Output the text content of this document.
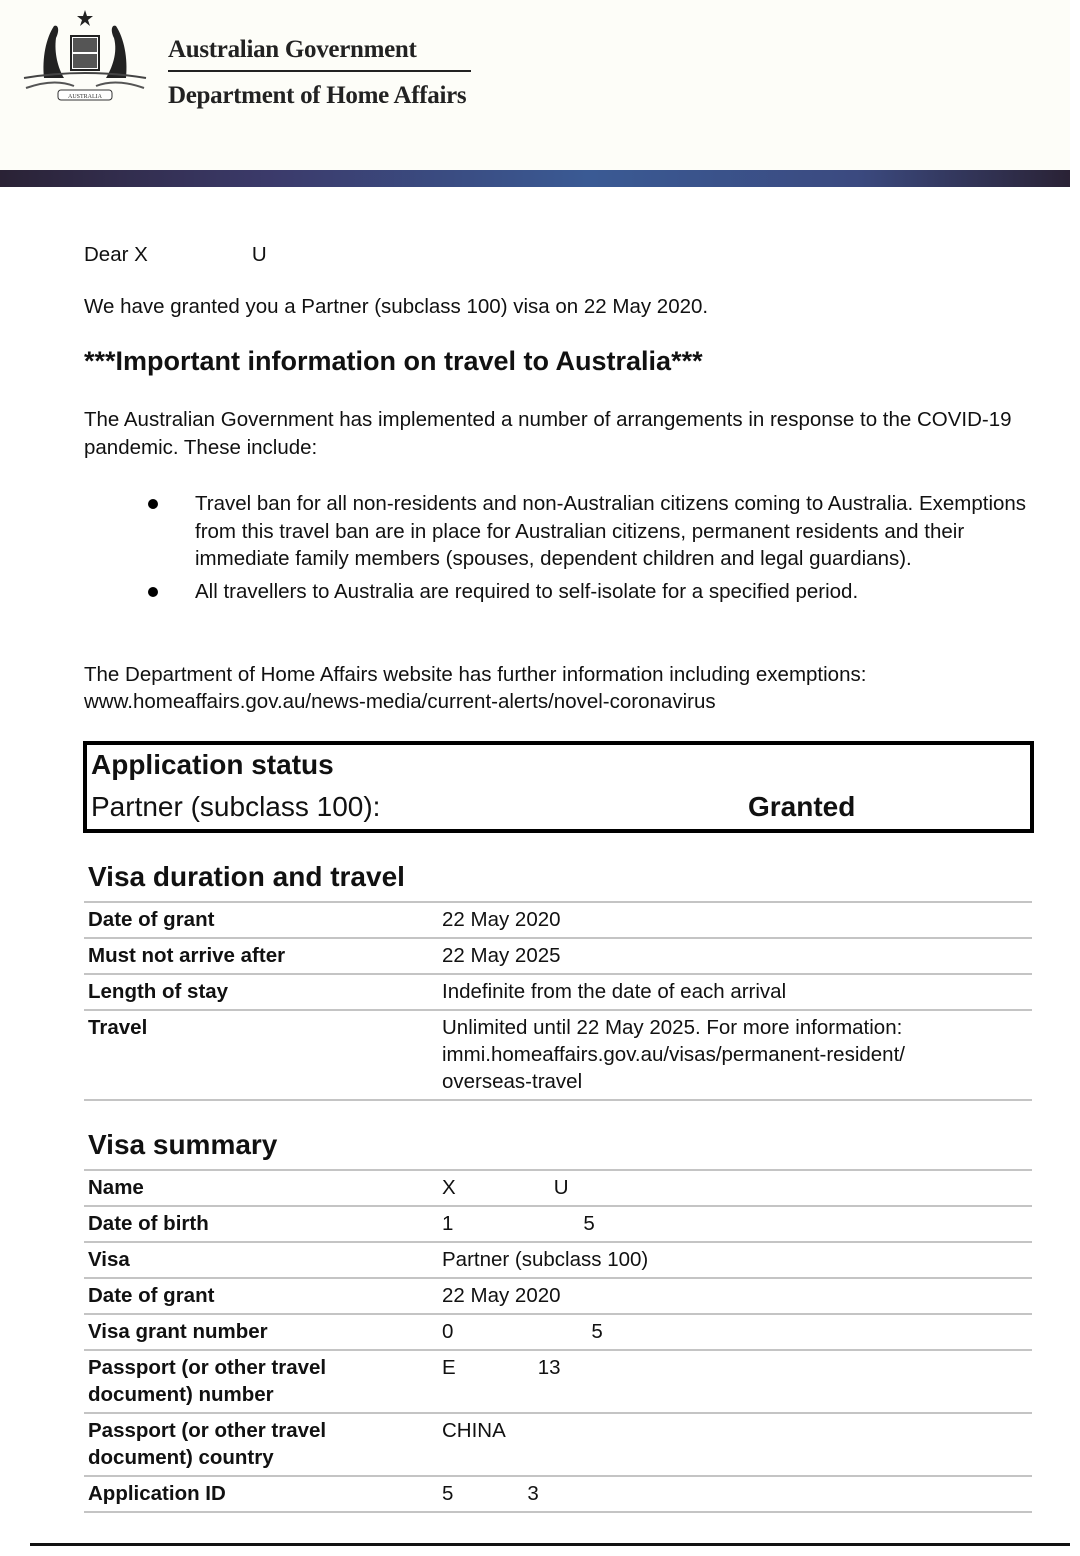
AUSTRALIA
Australian Government
Department of Home Affairs
Dear X	U
We have granted you a Partner (subclass 100) visa on 22 May 2020.
***Important information on travel to Australia***
The Australian Government has implemented a number of arrangements in response to the COVID-19 pandemic. These include:
Travel ban for all non-residents and non-Australian citizens coming to Australia. Exemptions from this travel ban are in place for Australian citizens, permanent residents and their immediate family members (spouses, dependent children and legal guardians).
All travellers to Australia are required to self-isolate for a specified period.
The Department of Home Affairs website has further information including exemptions:
www.homeaffairs.gov.au/news-media/current-alerts/novel-coronavirus
Application status
Partner (subclass 100):	Granted
Visa duration and travel
Date of grant	22 May 2020
Must not arrive after	22 May 2025
Length of stay	Indefinite from the date of each arrival
Travel	Unlimited until 22 May 2025. For more information:
immi.homeaffairs.gov.au/visas/permanent-resident/
overseas-travel
Visa summary
Name	X U
Date of birth	1 5
Visa	Partner (subclass 100)
Date of grant	22 May 2020
Visa grant number	0 5
Passport (or other travel document) number	E 13
Passport (or other travel document) country	CHINA
Application ID	5 3
